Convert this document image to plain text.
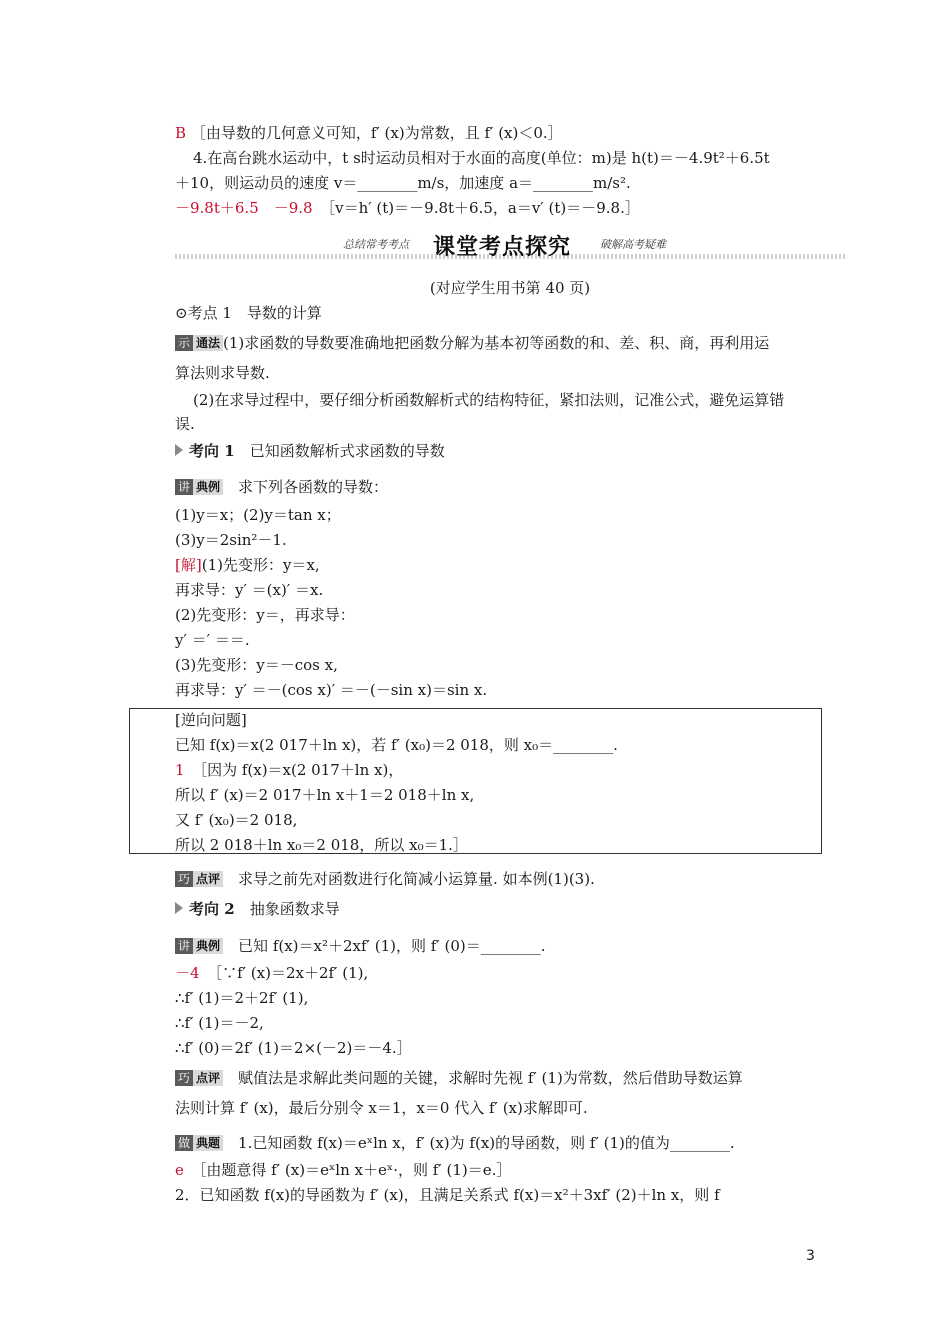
B ［由导数的几何意义可知，f′ (x)为常数，且 f′ (x)＜0.］
4.在高台跳水运动中，t s时运动员相对于水面的高度(单位：m)是 h(t)＝－4.9t²＋6.5t
＋10，则运动员的速度 v＝________m/s，加速度 a＝________m/s².
－9.8t＋6.5　－9.8　 ［v＝h′ (t)＝－9.8t＋6.5，a＝v′ (t)＝－9.8.］
总结常考考点 课堂考点探究	破解高考疑难
(对应学生用书第 40 页)
⊙考点 1　导数的计算
示 通法 (1)求函数的导数要准确地把函数分解为基本初等函数的和、差、积、商，再利用运
算法则求导数.
(2)在求导过程中，要仔细分析函数解析式的结构特征，紧扣法则，记准公式，避免运算错
误.
考向 1　 已知函数解析式求函数的导数
讲 典例　 求下列各函数的导数：
(1)y＝x；(2)y＝tan x；
(3)y＝2sin²－1.
[解](1)先变形：y＝x,
再求导：y′ ＝(x)′ ＝x.
(2)先变形：y＝，再求导：
y′ ＝′ ＝＝.
(3)先变形：y＝－cos x,
再求导：y′ ＝－(cos x)′ ＝－(－sin x)＝sin x.
[逆向问题]
已知 f(x)＝x(2 017＋ln x)，若 f′ (x₀)＝2 018，则 x₀＝________.
1　 ［因为 f(x)＝x(2 017＋ln x)，
所以 f′ (x)＝2 017＋ln x＋1＝2 018＋ln x,
又 f′ (x₀)＝2 018,
所以 2 018＋ln x₀＝2 018，所以 x₀＝1.］
巧 点评　 求导之前先对函数进行化简减小运算量. 如本例(1)(3).
考向 2　 抽象函数求导
讲 典例　 已知 f(x)＝x²＋2xf′ (1)，则 f′ (0)＝________.
－4　 ［∵f′ (x)＝2x＋2f′ (1),
∴f′ (1)＝2＋2f′ (1),
∴f′ (1)＝－2,
∴f′ (0)＝2f′ (1)＝2×(－2)＝－4.］
巧 点评　 赋值法是求解此类问题的关键，求解时先视 f′ (1)为常数，然后借助导数运算
法则计算 f′ (x)，最后分别令 x＝1，x＝0 代入 f′ (x)求解即可.
做 典题　 1.已知函数 f(x)＝eˣln x，f′ (x)为 f(x)的导函数，则 f′ (1)的值为________.
e　 ［由题意得 f′ (x)＝eˣln x＋eˣ·，则 f′ (1)＝e.］
2．已知函数 f(x)的导函数为 f′ (x)，且满足关系式 f(x)＝x²＋3xf′ (2)＋ln x，则 f
3
